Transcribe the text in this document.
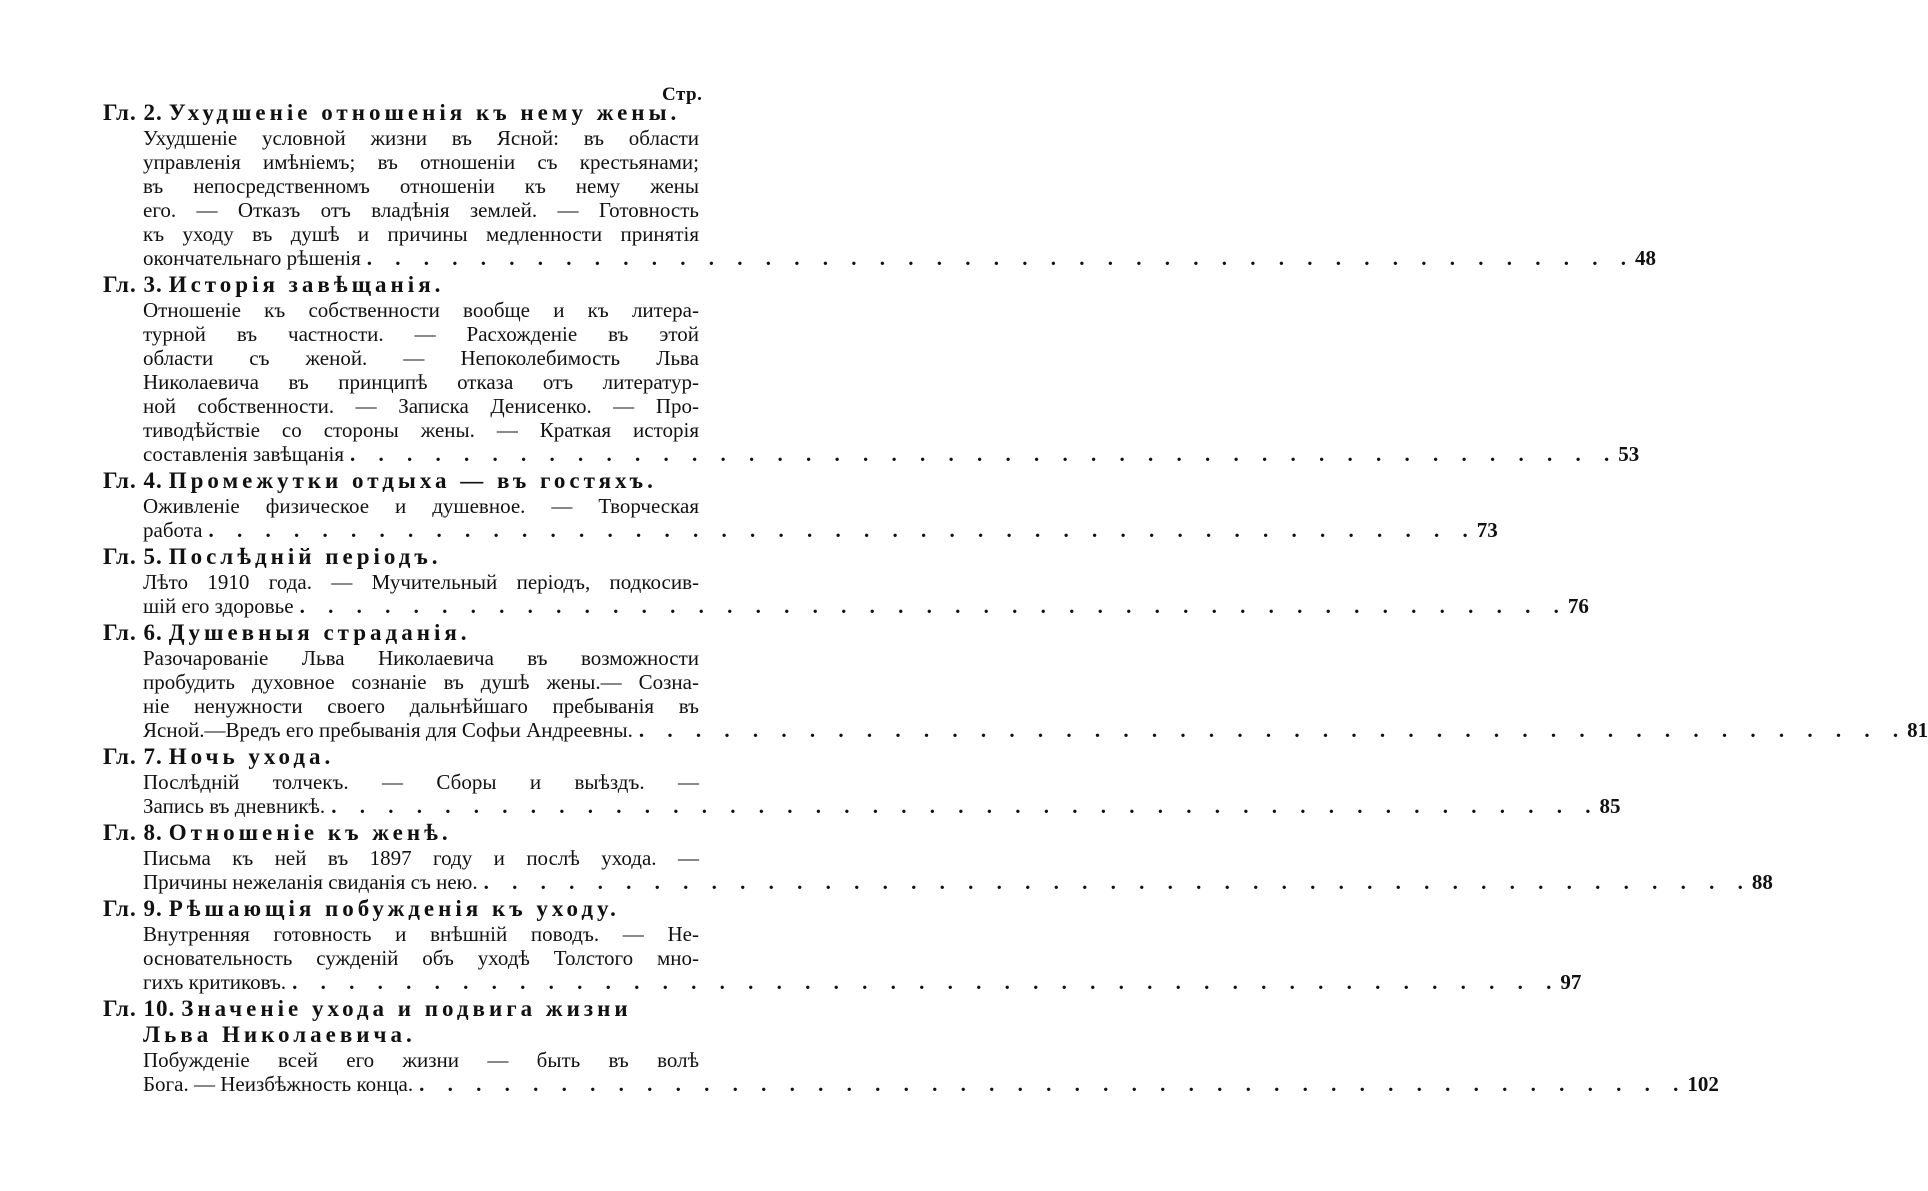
Стр.
Гл. 2. Ухудшеніе отношенія къ нему жены.
Ухудшеніе условной жизни въ Ясной: въ области
управленія имѣніемъ; въ отношеніи съ крестьянами;
въ непосредственномъ отношеніи къ нему жены
его. — Отказъ отъ владѣнія землей. — Готовность
къ уходу въ душѣ и причины медленности принятія
окончательнаго рѣшенія . . . . . . . . . . . . . . . . . . . . . . . . . . . . . . . . . . . . . . . . . . . . . 48
Гл. 3. Исторія завѣщанія.
Отношеніе къ собственности вообще и къ литера-
турной въ частности. — Расхожденіе въ этой
области съ женой. — Непоколебимость Льва
Николаевича въ принципѣ отказа отъ литератур-
ной собственности. — Записка Денисенко. — Про-
тиводѣйствіе со стороны жены. — Краткая исторія
составленія завѣщанія . . . . . . . . . . . . . . . . . . . . . . . . . . . . . . . . . . . . . . . . . . . . . 53
Гл. 4. Промежутки отдыха — въ гостяхъ.
Оживленіе физическое и душевное. — Творческая
работа . . . . . . . . . . . . . . . . . . . . . . . . . . . . . . . . . . . . . . . . . . . . . 73
Гл. 5. Послѣдній періодъ.
Лѣто 1910 года. — Мучительный періодъ, подкосив-
шій его здоровье . . . . . . . . . . . . . . . . . . . . . . . . . . . . . . . . . . . . . . . . . . . . . 76
Гл. 6. Душевныя страданія.
Разочарованіе Льва Николаевича въ возможности
пробудить духовное сознаніе въ душѣ жены.— Созна-
ніе ненужности своего дальнѣйшаго пребыванія въ
Ясной.—Вредъ его пребыванія для Софьи Андреевны. . . . . . . . . . . . . . . . . . . . . . . . . . . . . . . . . . . . . . . . . . . . . . 81
Гл. 7. Ночь ухода.
Послѣдній толчекъ. — Сборы и выѣздъ. —
Запись въ дневникѣ. . . . . . . . . . . . . . . . . . . . . . . . . . . . . . . . . . . . . . . . . . . . . . 85
Гл. 8. Отношеніе къ женѣ.
Письма къ ней въ 1897 году и послѣ ухода. —
Причины нежеланія свиданія съ нею. . . . . . . . . . . . . . . . . . . . . . . . . . . . . . . . . . . . . . . . . . . . . . 88
Гл. 9. Рѣшающія побужденія къ уходу.
Внутренняя готовность и внѣшній поводъ. — Не-
основательность сужденій объ уходѣ Толстого мно-
гихъ критиковъ. . . . . . . . . . . . . . . . . . . . . . . . . . . . . . . . . . . . . . . . . . . . . . 97
Гл. 10. Значеніе ухода и подвига жизни
Льва Николаевича.
Побужденіе всей его жизни — быть въ волѣ
Бога. — Неизбѣжность конца. . . . . . . . . . . . . . . . . . . . . . . . . . . . . . . . . . . . . . . . . . . . . . 102
